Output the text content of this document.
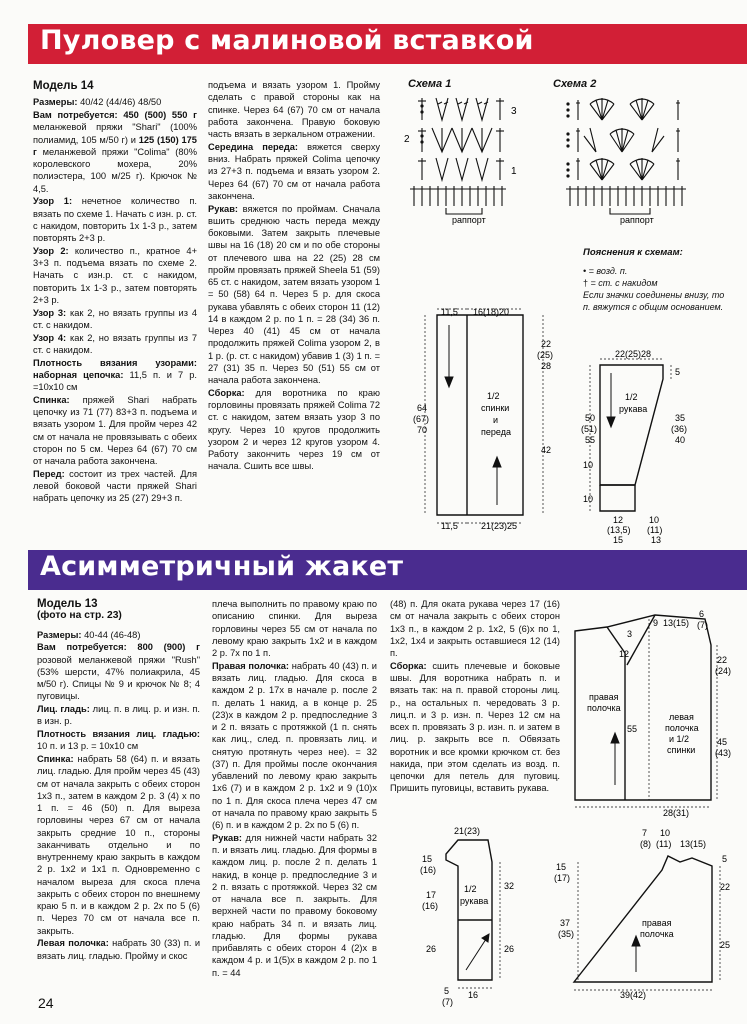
Пуловер с малиновой вставкой
Модель 14

Размеры: 40/42 (44/46) 48/50

Вам потребуется: 450 (500) 550 г меланжевой пряжи "Shari" (100% полиамид, 105 м/50 г) и 125 (150) 175 г меланжевой пряжи "Colima" (80% королевского мохера, 20% полиэстера, 100 м/25 г). Крючок № 4,5.

Узор 1: нечетное количество п. вязать по схеме 1. Начать с изн. р. ст. с накидом, повторить 1х 1-3 р., затем повторять 2+3 р.

Узор 2: количество п., кратное 4+ 3+3 п. подъема вязать по схеме 2. Начать с изн.р. ст. с накидом, повторить 1х 1-3 р., затем повторять 2+3 р.

Узор 3: как 2, но вязать группы из 4 ст. с накидом.

Узор 4: как 2, но вязать группы из 7 ст. с накидом.

Плотность вязания узорами: наборная цепочка: 11,5 п. и 7 р. =10х10 см

Спинка: пряжей Shari набрать цепочку из 71 (77) 83+3 п. подъема и вязать узором 1. Для пройм через 42 см от начала не провязывать с обеих сторон по 5 см. Через 64 (67) 70 см от начала работа закончена.

Перед: состоит из трех частей. Для левой боковой части пряжей Shari набрать цепочку из 25 (27) 29+3 п.

подъема и вязать узором 1. Пройму сделать с правой стороны как на спинке. Через 64 (67) 70 см от начала работа закончена. Правую боковую часть вязать в зеркальном отражении.

Середина переда: вяжется сверху вниз. Набрать пряжей Colima цепочку из 27+3 п. подъема и вязать узором 2. Через 64 (67) 70 см от начала работа закончена.

Рукав: вяжется по проймам. Сначала вшить среднюю часть переда между боковыми. Затем закрыть плечевые швы на 16 (18) 20 см и по обе стороны от плечевого шва на 22 (25) 28 см пройм провязать пряжей Sheela 51 (59) 65 ст. с накидом, затем вязать узором 1 = 50 (58) 64 п. Через 5 р. для скоса рукава убавлять с обеих сторон 11 (12) 14 в каждом 2 р. по 1 п. = 28 (34) 36 п. Через 40 (41) 45 см от начала продолжить пряжей Colima узором 2, в 1 р. (р. ст. с накидом) убавив 1 (3) 1 п. = 27 (31) 35 п. Через 50 (51) 55 см от начала работа закончена.

Сборка: для воротника по краю горловины провязать пряжей Colima 72 ст. с накидом, затем вязать узор 3 по кругу. Через 10 кругов продолжить узором 2 и через 12 кругов узором 4. Работу закончить через 19 см от начала. Сшить все швы.

Схема 1	Схема 2
3
2
1
раппорт	раппорт
Пояснения к схемам:
• = возд. п.
† = ст. с накидом
Если значки соединены внизу, то п. вяжутся с общим основанием.
11,5 16(18)20
22
(25)
28
64
(67)
70
1/2
спинки
и
переда
42
11,5	21(23)25
22(25)28
5
1/2
рукава
50
(51)
55
35
(36)
40
10
10
12
(13,5)
15
10
(11)
13
Асимметричный жакет
Модель 13
(фото на стр. 23)

Размеры: 40-44 (46-48)

Вам потребуется: 800 (900) г розовой меланжевой пряжи "Rush" (53% шерсти, 47% полиакрила, 45 м/50 г). Спицы № 9 и крючок № 8; 4 пуговицы.

Лиц. гладь: лиц. п. в лиц. р. и изн. п. в изн. р.

Плотность вязания лиц. гладью: 10 п. и 13 р. = 10х10 см

Спинка: набрать 58 (64) п. и вязать лиц. гладью. Для пройм через 45 (43) см от начала закрыть с обеих сторон 1х3 п., затем в каждом 2 р. 3 (4) х по 1 п. = 46 (50) п. Для выреза горловины через 67 см от начала закрыть средние 10 п., стороны заканчивать отдельно и по внутреннему краю закрыть в каждом 2 р. 1х2 и 1х1 п. Одновременно с началом выреза для скоса плеча закрыть с обеих сторон по внешнему краю 5 п. и в каждом 2 р. 2х по 5 (6) п. Через 70 см от начала все п. закрыть.

Левая полочка: набрать 30 (33) п. и вязать лиц. гладью. Пройму и скос

плеча выполнить по правому краю по описанию спинки. Для выреза горловины через 55 см от начала по левому краю закрыть 1х2 и в каждом 2 р. 7х по 1 п.

Правая полочка: набрать 40 (43) п. и вязать лиц. гладью. Для скоса в каждом 2 р. 17х в начале р. после 2 п. делать 1 накид, а в конце р. 25 (23)х в каждом 2 р. предпоследние 3 и 2 п. вязать с протяжкой (1 п. снять как лиц., след. п. провязать лиц. и снятую протянуть через нее). = 32 (37) п. Для проймы после окончания убавлений по левому краю закрыть 1х6 (7) и в каждом 2 р. 1х2 и 9 (10)х по 1 п. Для скоса плеча через 47 см от начала по правому краю закрыть 5 (6) п. и в каждом 2 р. 2х по 5 (6) п.

Рукав: для нижней части набрать 32 п. и вязать лиц. гладью. Для формы в каждом лиц. р. после 2 п. делать 1 накид, в конце р. предпоследние 3 и 2 п. вязать с протяжкой. Через 32 см от начала все п. закрыть. Для верхней части по правому боковому краю набрать 34 п. и вязать лиц. гладью. Для формы рукава прибавлять с обеих сторон 4 (2)х в каждом 4 р. и 1(5)х в каждом 2 р. по 1 п. = 44

(48) п. Для оката рукава через 17 (16) см от начала закрыть с обеих сторон 1х3 п., в каждом 2 р. 1х2, 5 (6)х по 1, 1х2, 1х4 и закрыть оставшиеся 12 (14) п.

Сборка: сшить плечевые и боковые швы. Для воротника набрать п. и вязать так: на п. правой стороны лиц. р., на остальных п. чередовать 3 р. лиц.п. и 3 р. изн. п. Через 12 см на всех п. провязать 3 р. изн. п. и затем в лиц. р. закрыть все п. Обвязать воротник и все кромки крючком ст. без накида, при этом сделать из возд. п. цепочки для петель для пуговиц. Пришить пуговицы, вставить рукава.

9 13(15)
6
(7)
3
12
22
(24)
55
45
(43)
правая
полочка
левая
полочка
и 1/2
спинки
28(31)
21(23)
15
(16)
17
(16)
32
1/2
рукава
26	26
5
(7)
16
7
(8)
10
(11) 13(15)
5
15
(17)
22
правая
полочка
37
(35)
25
39(42)
24
